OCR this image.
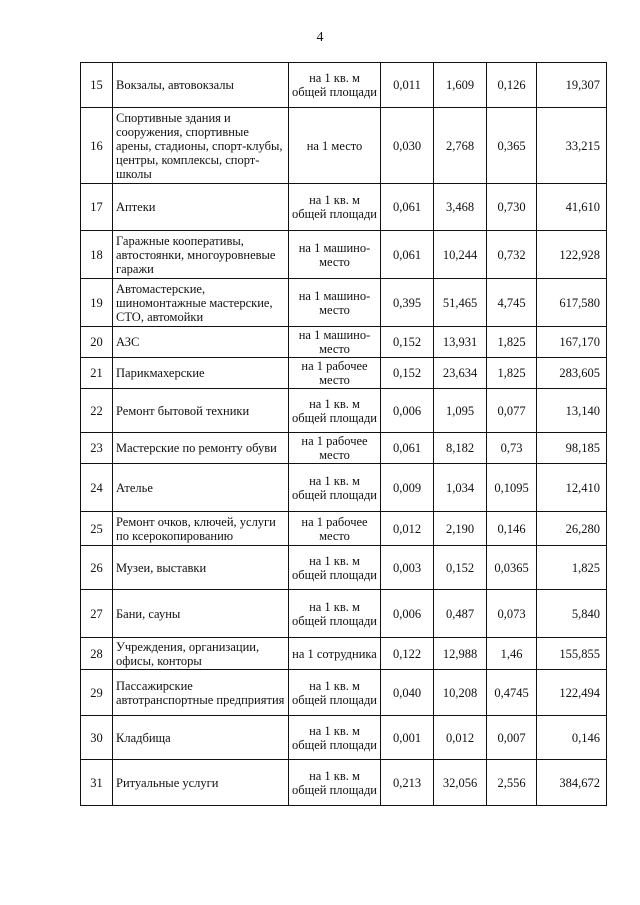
4
15	Вокзалы, автовокзалы	на 1 кв. м общей площади	0,011	1,609	0,126	19,307
16	Спортивные здания и сооружения, спортивные арены, стадионы, спорт-клубы, центры, комплексы, спорт-школы	на 1 место	0,030	2,768	0,365	33,215
17	Аптеки	на 1 кв. м общей площади	0,061	3,468	0,730	41,610
18	Гаражные кооперативы, автостоянки, многоуровневые гаражи	на 1 машино-место	0,061	10,244	0,732	122,928
19	Автомастерские, шиномонтажные мастерские, СТО, автомойки	на 1 машино-место	0,395	51,465	4,745	617,580
20	АЗС	на 1 машино-место	0,152	13,931	1,825	167,170
21	Парикмахерские	на 1 рабочее место	0,152	23,634	1,825	283,605
22	Ремонт бытовой техники	на 1 кв. м общей площади	0,006	1,095	0,077	13,140
23	Мастерские по ремонту обуви	на 1 рабочее место	0,061	8,182	0,73	98,185
24	Ателье	на 1 кв. м общей площади	0,009	1,034	0,1095	12,410
25	Ремонт очков, ключей, услуги по ксерокопированию	на 1 рабочее место	0,012	2,190	0,146	26,280
26	Музеи, выставки	на 1 кв. м общей площади	0,003	0,152	0,0365	1,825
27	Бани, сауны	на 1 кв. м общей площади	0,006	0,487	0,073	5,840
28	Учреждения, организации, офисы, конторы	на 1 сотрудника	0,122	12,988	1,46	155,855
29	Пассажирские автотранспортные предприятия	на 1 кв. м общей площади	0,040	10,208	0,4745	122,494
30	Кладбища	на 1 кв. м общей площади	0,001	0,012	0,007	0,146
31	Ритуальные услуги	на 1 кв. м общей площади	0,213	32,056	2,556	384,672
